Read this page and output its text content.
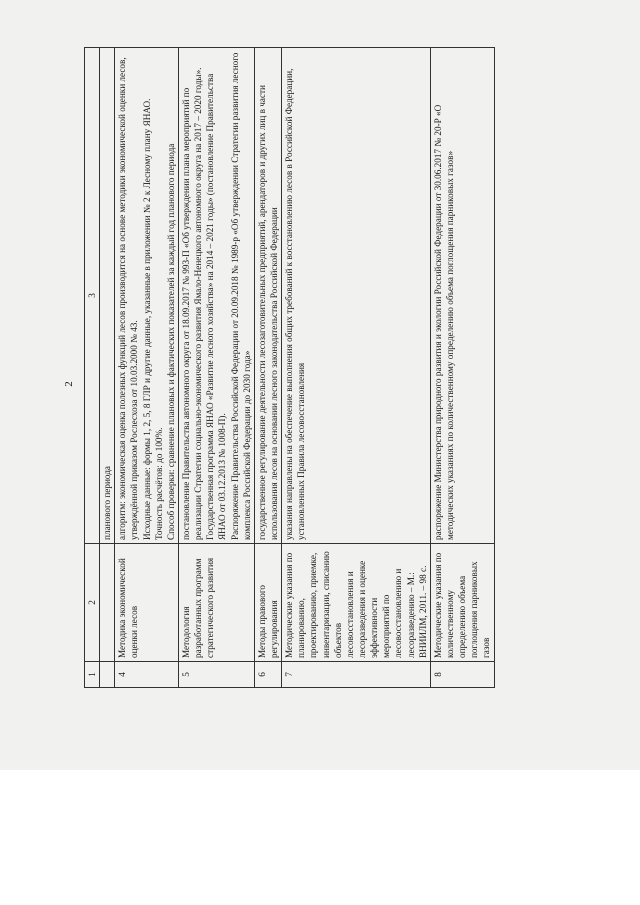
2
1	2	3

		планового периода

4	Методика экономической оценки лесов	алгоритм: экономическая оценка полезных функций лесов производится на основе методики экономической оценки лесов, утверждённой приказом Рослесхоза от 10.03.2000 № 43. Исходные данные: формы 1, 2, 5, 8 ГЛР и другие данные, указанные в приложении № 2 к Лесному плану ЯНАО. Точность расчётов: до 100%. Способ проверки: сравнение плановых и фактических показателей за каждый год планового периода

5	Методология разработанных программ стратегического развития	постановление Правительства автономного округа от 18.09.2017 № 993-П «Об утверждении плана мероприятий по реализации Стратегии социально-экономического развития Ямало-Ненецкого автономного округа на 2017 – 2020 годы». Государственная программа ЯНАО «Развитие лесного хозяйства» на 2014 – 2021 годы» (постановление Правительства ЯНАО от 03.12.2013 № 1008-П). Распоряжение Правительства Российской Федерации от 20.09.2018 № 1989-р «Об утверждении Стратегии развития лесного комплекса Российской Федерации до 2030 года»

6	Методы правового регулирования	государственное регулирование деятельности лесозаготовительных предприятий, арендаторов и других лиц в части использования лесов на основании лесного законодательства Российской Федерации

7	Методические указания по планированию, проектированию, приемке, инвентаризации, списанию объектов лесовосстановления и лесоразведения и оценке эффективности мероприятий по лесовосстановлению и лесоразведению – М.: ВНИИЛМ, 2011. – 98 с.	указания направлены на обеспечение выполнения общих требований к восстановлению лесов в Российской Федерации, установленных Правила лесовосстановления

8	Методические указания по количественному определению объема поглощения парниковых газов	распоряжение Министерства природного развития и экологии Российской Федерации от 30.06.2017 № 20-Р «О методических указаниях по количественному определению объема поглощения парниковых газов»
